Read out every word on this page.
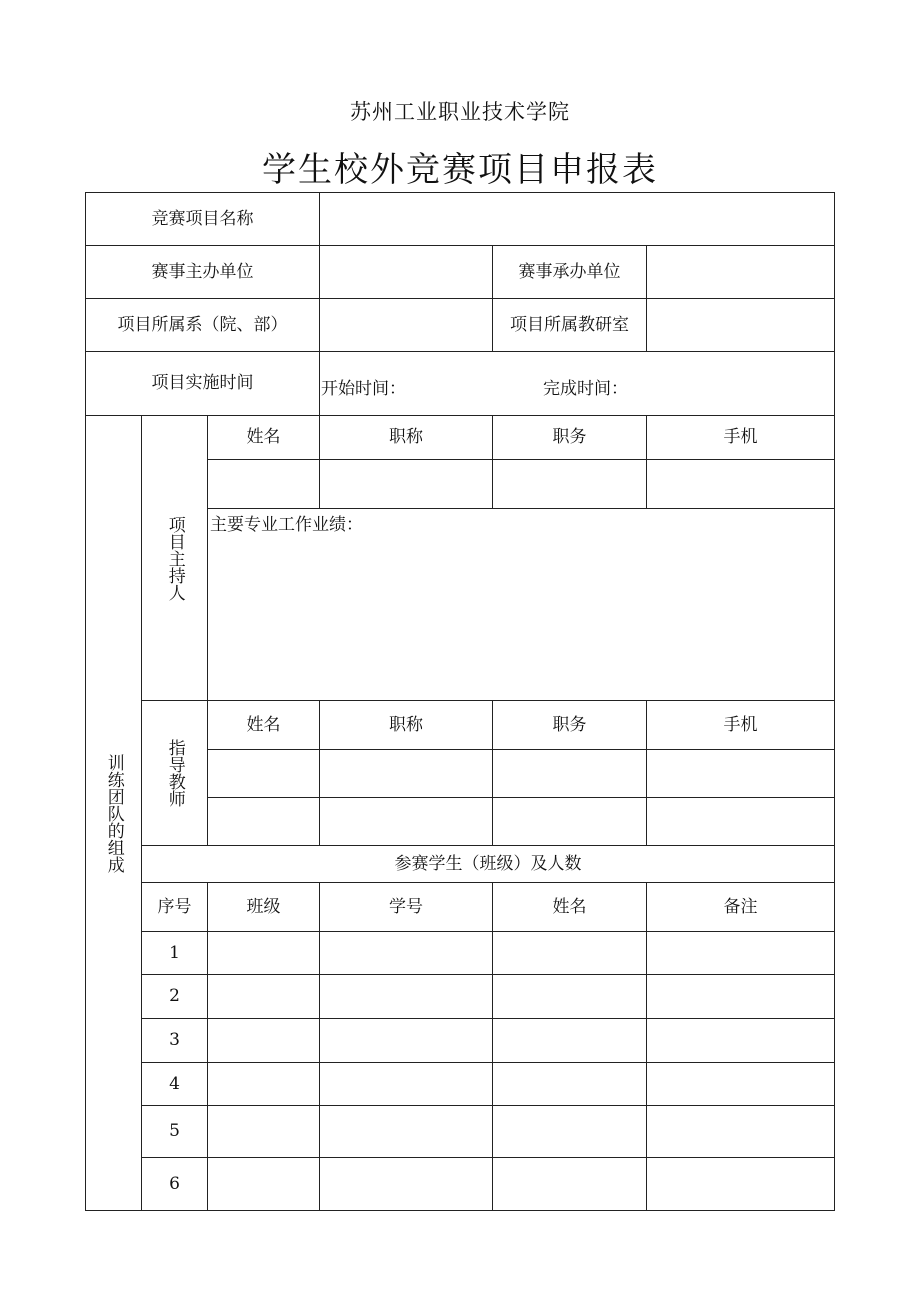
苏州工业职业技术学院
学生校外竞赛项目申报表
竞赛项目名称
赛事主办单位	赛事承办单位
项目所属系（院、部）	项目所属教研室
项目实施时间	开始时间：	完成时间：
训练团队的组成
项目主持人
姓名	职称	职务	手机
主要专业工作业绩：
指导教师
姓名	职称	职务	手机
参赛学生（班级）及人数
序号	班级	学号	姓名	备注
1
2
3
4
5
6
